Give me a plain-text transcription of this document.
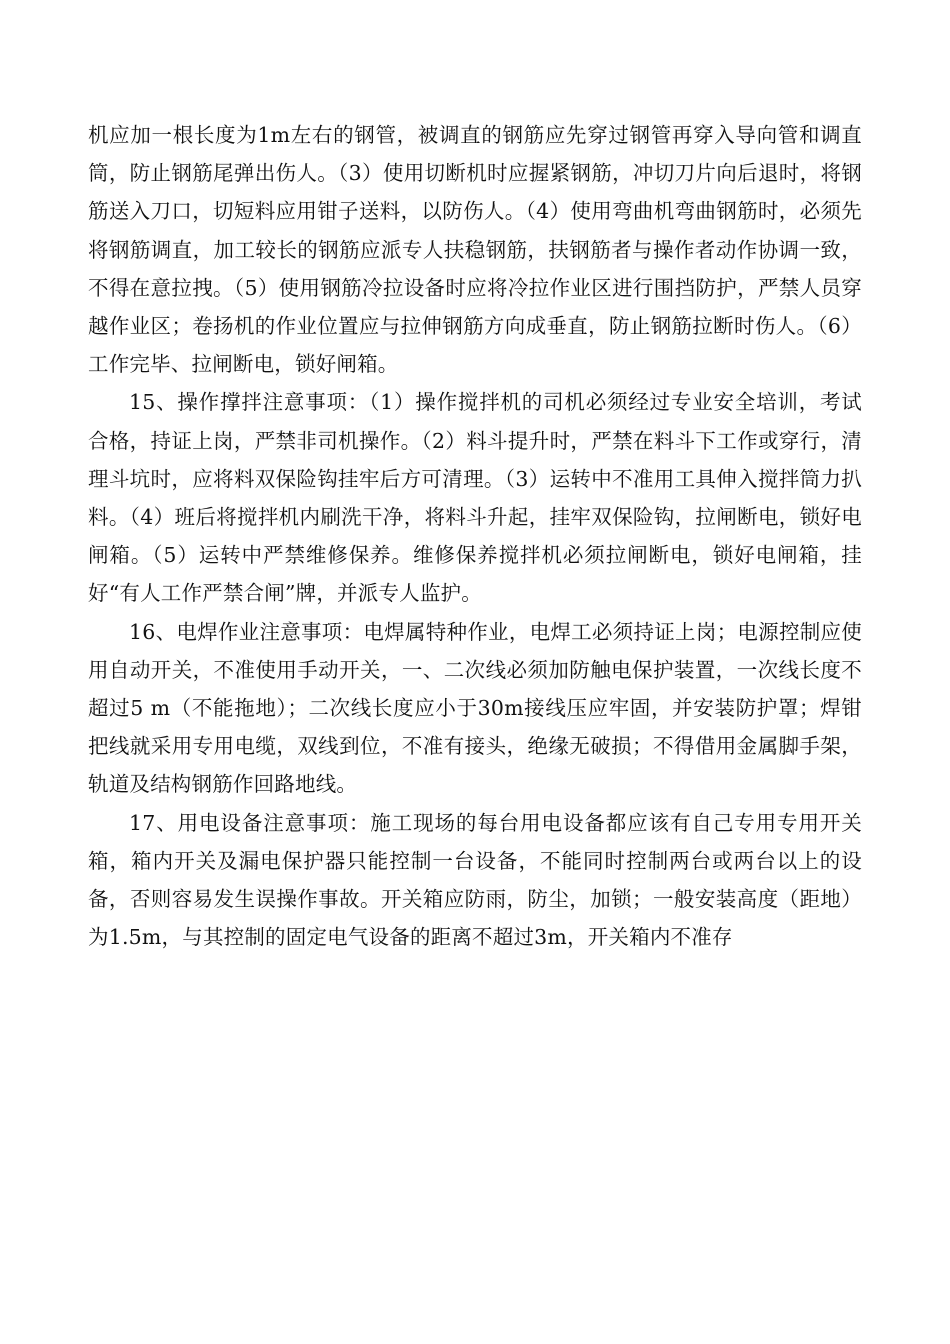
机应加一根长度为1m左右的钢管，被调直的钢筋应先穿过钢管再穿入导向管和调直筒，防止钢筋尾弹出伤人。（3）使用切断机时应握紧钢筋，冲切刀片向后退时，将钢筋送入刀口，切短料应用钳子送料，以防伤人。（4）使用弯曲机弯曲钢筋时，必须先将钢筋调直，加工较长的钢筋应派专人扶稳钢筋，扶钢筋者与操作者动作协调一致，不得在意拉拽。（5）使用钢筋冷拉设备时应将冷拉作业区进行围挡防护，严禁人员穿越作业区；卷扬机的作业位置应与拉伸钢筋方向成垂直，防止钢筋拉断时伤人。（6）工作完毕、拉闸断电，锁好闸箱。

15、操作撑拌注意事项：（1）操作搅拌机的司机必须经过专业安全培训，考试合格，持证上岗，严禁非司机操作。（2）料斗提升时，严禁在料斗下工作或穿行，清理斗坑时，应将料双保险钩挂牢后方可清理。（3）运转中不准用工具伸入搅拌筒力扒料。（4）班后将搅拌机内刷洗干净，将料斗升起，挂牢双保险钩，拉闸断电，锁好电闸箱。（5）运转中严禁维修保养。维修保养搅拌机必须拉闸断电，锁好电闸箱，挂好“有人工作严禁合闸”牌，并派专人监护。

16、电焊作业注意事项：电焊属特种作业，电焊工必须持证上岗；电源控制应使用自动开关，不准使用手动开关，一、二次线必须加防触电保护装置，一次线长度不超过5 m（不能拖地）；二次线长度应小于30m接线压应牢固，并安装防护罩；焊钳把线就采用专用电缆，双线到位，不准有接头，绝缘无破损；不得借用金属脚手架，轨道及结构钢筋作回路地线。

17、用电设备注意事项：施工现场的每台用电设备都应该有自己专用专用开关箱，箱内开关及漏电保护器只能控制一台设备，不能同时控制两台或两台以上的设备，否则容易发生误操作事故。开关箱应防雨，防尘，加锁；一般安装高度（距地）为1.5m，与其控制的固定电气设备的距离不超过3m，开关箱内不准存
